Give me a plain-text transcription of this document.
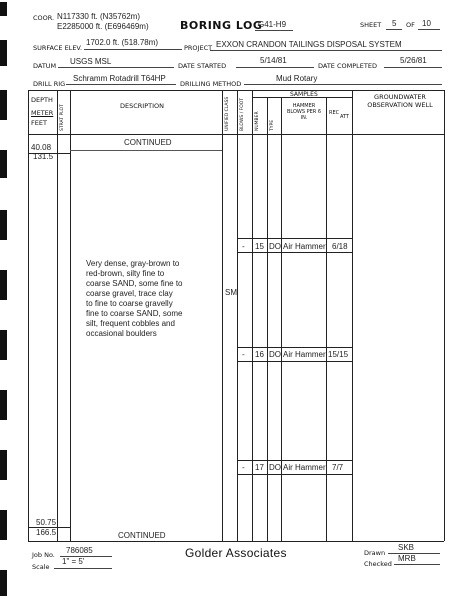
COOR. N117330 ft. (N35762m)
E2285000 ft. (E696469m)	BORING LOG
G41-H9	SHEET 5 OF 10
SURFACE ELEV.
1702.0 ft. (518.78m)
PROJECT EXXON CRANDON TAILINGS DISPOSAL SYSTEM
DATUM USGS MSL	DATE STARTED
5/14/81
DATE COMPLETED
5/26/81
DRILL RIG
Schramm Rotadrill T64HP
DRILLING METHOD
Mud Rotary
DEPTH
METER
FEET	STRAT PLOT	DESCRIPTION	UNIFIED CLASS BLOWS / FOOT
SAMPLES
NUMBER TYPE
HAMMER BLOWS PER 6 IN.
REC
ATT
GROUNDWATER OBSERVATION WELL
40.08
131.5
CONTINUED
Very dense, gray-brown to
red-brown, silty fine to
coarse SAND, some fine to
coarse gravel, trace clay
to fine to coarse gravelly
fine to coarse SAND, some
silt, frequent cobbles and
occasional boulders
SM
- 15 DO Air Hammer 6/18
- 16 DO Air Hammer 15/15
- 17 DO Air Hammer 7/7
50.75
166.5	CONTINUED
Job No. 786085
Scale
1" = 5'
Golder Associates	Drawn
SKB
Checked
MRB
